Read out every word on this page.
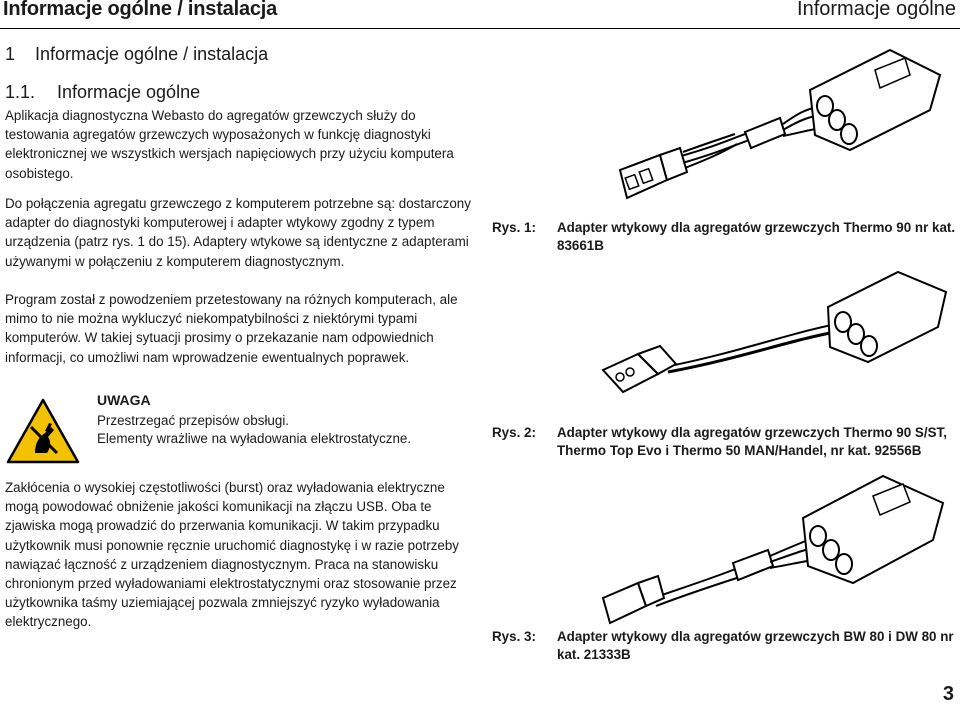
Informacje ogólne / instalacja	Informacje ogólne
1 Informacje ogólne / instalacja
1.1. Informacje ogólne
Aplikacja diagnostyczna Webasto do agregatów grzewczych służy do testowania agregatów grzewczych wyposażonych w funkcję diagnostyki elektronicznej we wszystkich wersjach napięciowych przy użyciu komputera osobistego.
Do połączenia agregatu grzewczego z komputerem potrzebne są: dostarczony adapter do diagnostyki komputerowej i adapter wtykowy zgodny z typem urządzenia (patrz rys. 1 do 15). Adaptery wtykowe są identyczne z adapterami używanymi w połączeniu z komputerem diagnostycznym.
Program został z powodzeniem przetestowany na różnych komputerach, ale mimo to nie można wykluczyć niekompatybilności z niektórymi typami komputerów. W takiej sytuacji prosimy o przekazanie nam odpowiednich informacji, co umożliwi nam wprowadzenie ewentualnych poprawek.
UWAGA
Przestrzegać przepisów obsługi.
Elementy wrażliwe na wyładowania elektrostatyczne.
Zakłócenia o wysokiej częstotliwości (burst) oraz wyładowania elektryczne mogą powodować obniżenie jakości komunikacji na złączu USB. Oba te zjawiska mogą prowadzić do przerwania komunikacji. W takim przypadku użytkownik musi ponownie ręcznie uruchomić diagnostykę i w razie potrzeby nawiązać łączność z urządzeniem diagnostycznym. Praca na stanowisku chronionym przed wyładowaniami elektrostatycznymi oraz stosowanie przez użytkownika taśmy uziemiającej pozwala zmniejszyć ryzyko wyładowania elektrycznego.
Rys. 1: Adapter wtykowy dla agregatów grzewczych Thermo 90 nr kat. 83661B
Rys. 2: Adapter wtykowy dla agregatów grzewczych Thermo 90 S/ST, Thermo Top Evo i Thermo 50 MAN/Handel, nr kat. 92556B
Rys. 3: Adapter wtykowy dla agregatów grzewczych BW 80 i DW 80 nr kat. 21333B
3
